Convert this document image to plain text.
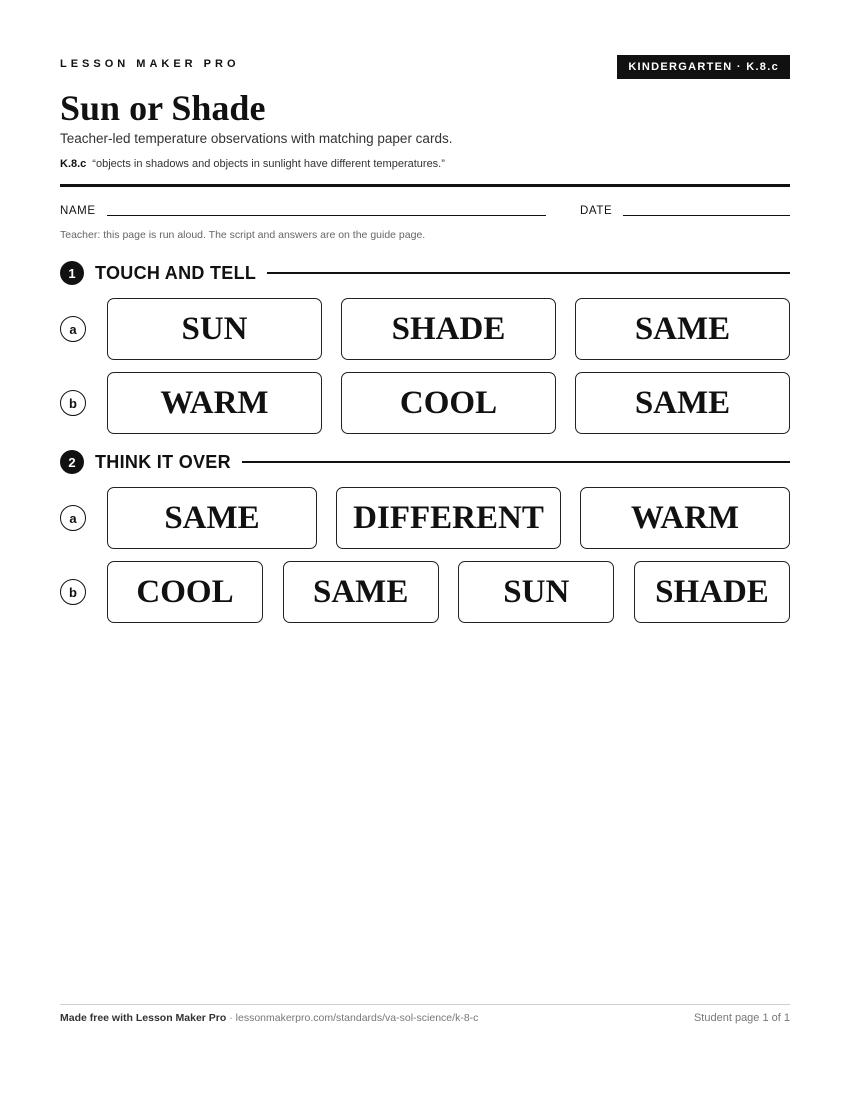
LESSON MAKER PRO	KINDERGARTEN · K.8.c
Sun or Shade
Teacher-led temperature observations with matching paper cards.
K.8.c “objects in shadows and objects in sunlight have different temperatures.”
NAME	DATE
Teacher: this page is run aloud. The script and answers are on the guide page.
1	TOUCH AND TELL
a	SUN	SHADE	SAME
b	WARM	COOL	SAME
2	THINK IT OVER
a	SAME	DIFFERENT	WARM
b	COOL	SAME	SUN	SHADE
Made free with Lesson Maker Pro · lessonmakerpro.com/standards/va-sol-science/k-8-c	Student page 1 of 1
